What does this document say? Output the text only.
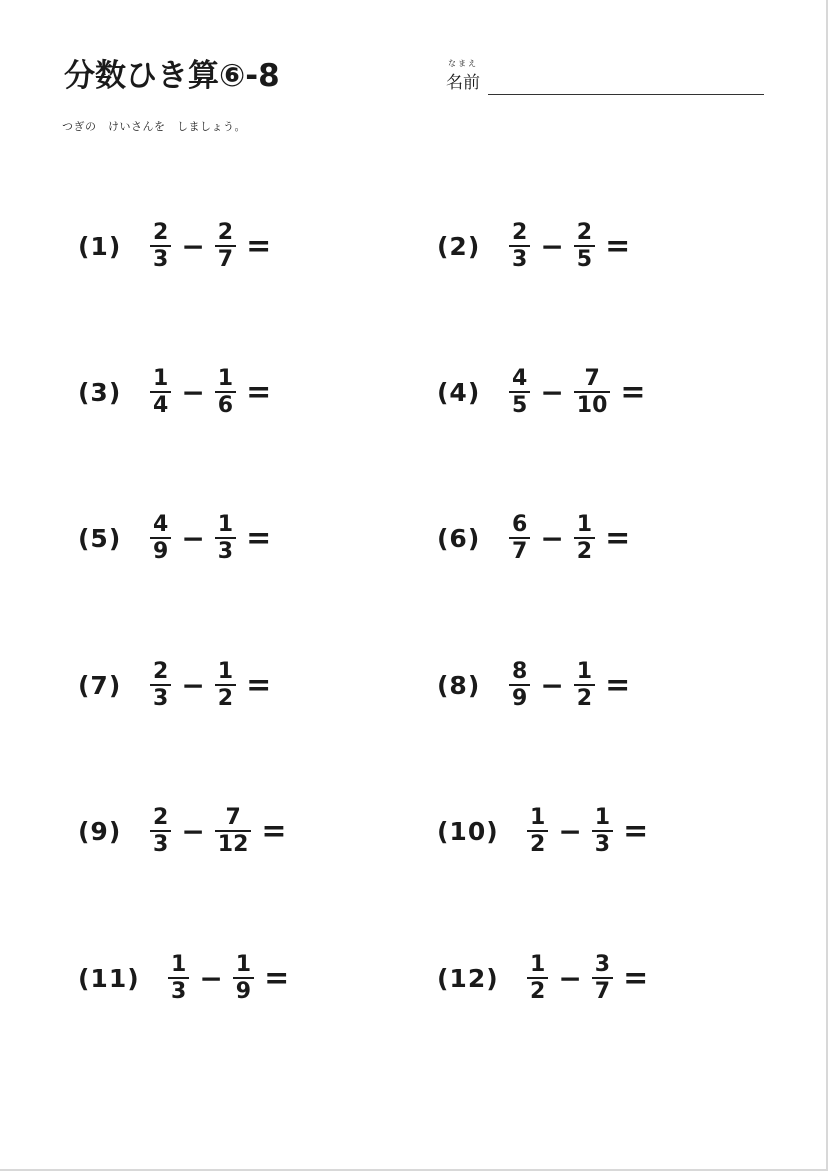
分数ひき算⑥-8	なまえ
名前
つぎの　けいさんを　しましょう。
(1)	$\frac{2}{3} - \frac{2}{7}$ =	(2)	$\frac{2}{3} - \frac{2}{5}$ =
(3)	$\frac{1}{4} - \frac{1}{6}$ =	(4)	$\frac{4}{5} - \frac{7}{10}$ =
(5)	$\frac{4}{9} - \frac{1}{3}$ =	(6)	$\frac{6}{7} - \frac{1}{2}$ =
(7)	$\frac{2}{3} - \frac{1}{2}$ =	(8)	$\frac{8}{9} - \frac{1}{2}$ =
(9)	$\frac{2}{3} - \frac{7}{12}$ =	(10)	$\frac{1}{2} - \frac{1}{3}$ =
(11)	$\frac{1}{3} - \frac{1}{9}$ =	(12)	$\frac{1}{2} - \frac{3}{7}$ =
